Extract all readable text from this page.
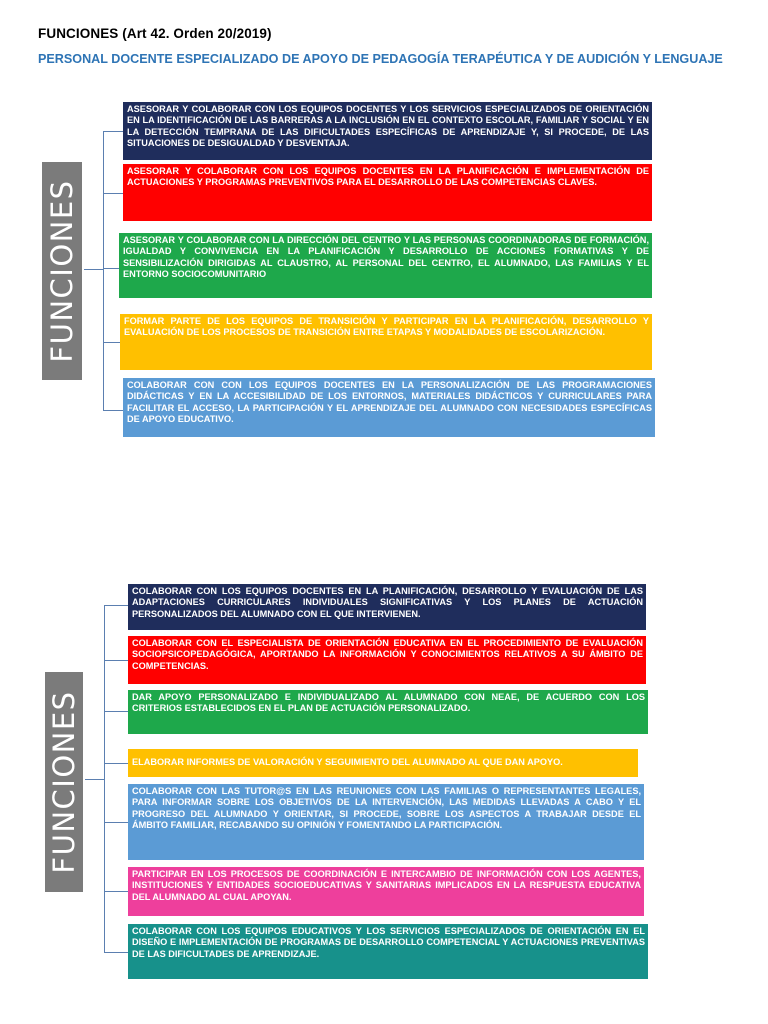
FUNCIONES (Art 42. Orden 20/2019)
PERSONAL DOCENTE ESPECIALIZADO DE APOYO DE PEDAGOGÍA TERAPÉUTICA Y DE AUDICIÓN Y LENGUAJE
FUNCIONES
ASESORAR Y COLABORAR CON LOS EQUIPOS DOCENTES Y LOS SERVICIOS ESPECIALIZADOS DE ORIENTACIÓN EN LA IDENTIFICACIÓN DE LAS BARRERAS A LA INCLUSIÓN EN EL CONTEXTO ESCOLAR, FAMILIAR Y SOCIAL Y EN LA DETECCIÓN TEMPRANA DE LAS DIFICULTADES ESPECÍFICAS DE APRENDIZAJE Y, SI PROCEDE, DE LAS SITUACIONES DE DESIGUALDAD Y DESVENTAJA.
ASESORAR Y COLABORAR CON LOS EQUIPOS DOCENTES EN LA PLANIFICACIÓN E IMPLEMENTACIÓN DE ACTUACIONES Y PROGRAMAS PREVENTIVOS PARA EL DESARROLLO DE LAS COMPETENCIAS CLAVES.
ASESORAR Y COLABORAR CON LA DIRECCIÓN DEL CENTRO Y LAS PERSONAS COORDINADORAS DE FORMACIÓN, IGUALDAD Y CONVIVENCIA EN LA PLANIFICACIÓN Y DESARROLLO DE ACCIONES FORMATIVAS Y DE SENSIBILIZACIÓN DIRIGIDAS AL CLAUSTRO, AL PERSONAL DEL CENTRO, EL ALUMNADO, LAS FAMILIAS Y EL ENTORNO SOCIOCOMUNITARIO
FORMAR PARTE DE LOS EQUIPOS DE TRANSICIÓN Y PARTICIPAR EN LA PLANIFICACIÓN, DESARROLLO Y EVALUACIÓN DE LOS PROCESOS DE TRANSICIÓN ENTRE ETAPAS Y MODALIDADES DE ESCOLARIZACIÓN.
COLABORAR CON CON LOS EQUIPOS DOCENTES EN LA PERSONALIZACIÓN DE LAS PROGRAMACIONES DIDÁCTICAS Y EN LA ACCESIBILIDAD DE LOS ENTORNOS, MATERIALES DIDÁCTICOS Y CURRICULARES PARA FACILITAR EL ACCESO, LA PARTICIPACIÓN Y EL APRENDIZAJE DEL ALUMNADO CON NECESIDADES ESPECÍFICAS DE APOYO EDUCATIVO.
FUNCIONES
COLABORAR CON LOS EQUIPOS DOCENTES EN LA PLANIFICACIÓN, DESARROLLO Y EVALUACIÓN DE LAS ADAPTACIONES CURRICULARES INDIVIDUALES SIGNIFICATIVAS Y LOS PLANES DE ACTUACIÓN PERSONALIZADOS DEL ALUMNADO CON EL QUE INTERVIENEN.
COLABORAR CON EL ESPECIALISTA DE ORIENTACIÓN EDUCATIVA EN EL PROCEDIMIENTO DE EVALUACIÓN SOCIOPSICOPEDAGÓGICA, APORTANDO LA INFORMACIÓN Y CONOCIMIENTOS RELATIVOS A SU ÁMBITO DE COMPETENCIAS.
DAR APOYO PERSONALIZADO E INDIVIDUALIZADO AL ALUMNADO CON NEAE, DE ACUERDO CON LOS CRITERIOS ESTABLECIDOS EN EL PLAN DE ACTUACIÓN PERSONALIZADO.
ELABORAR INFORMES DE VALORACIÓN Y SEGUIMIENTO DEL ALUMNADO AL QUE DAN APOYO.
COLABORAR CON LAS TUTOR@S EN LAS REUNIONES CON LAS FAMILIAS O REPRESENTANTES LEGALES, PARA INFORMAR SOBRE LOS OBJETIVOS DE LA INTERVENCIÓN, LAS MEDIDAS LLEVADAS A CABO Y EL PROGRESO DEL ALUMNADO Y ORIENTAR, SI PROCEDE, SOBRE LOS ASPECTOS A TRABAJAR DESDE EL ÁMBITO FAMILIAR, RECABANDO SU OPINIÓN Y FOMENTANDO LA PARTICIPACIÓN.
PARTICIPAR EN LOS PROCESOS DE COORDINACIÓN E INTERCAMBIO DE INFORMACIÓN CON LOS AGENTES, INSTITUCIONES Y ENTIDADES SOCIOEDUCATIVAS Y SANITARIAS IMPLICADOS EN LA RESPUESTA EDUCATIVA DEL ALUMNADO AL CUAL APOYAN.
COLABORAR CON LOS EQUIPOS EDUCATIVOS Y LOS SERVICIOS ESPECIALIZADOS DE ORIENTACIÓN EN EL DISEÑO E IMPLEMENTACIÓN DE PROGRAMAS DE DESARROLLO COMPETENCIAL Y ACTUACIONES PREVENTIVAS DE LAS DIFICULTADES DE APRENDIZAJE.
